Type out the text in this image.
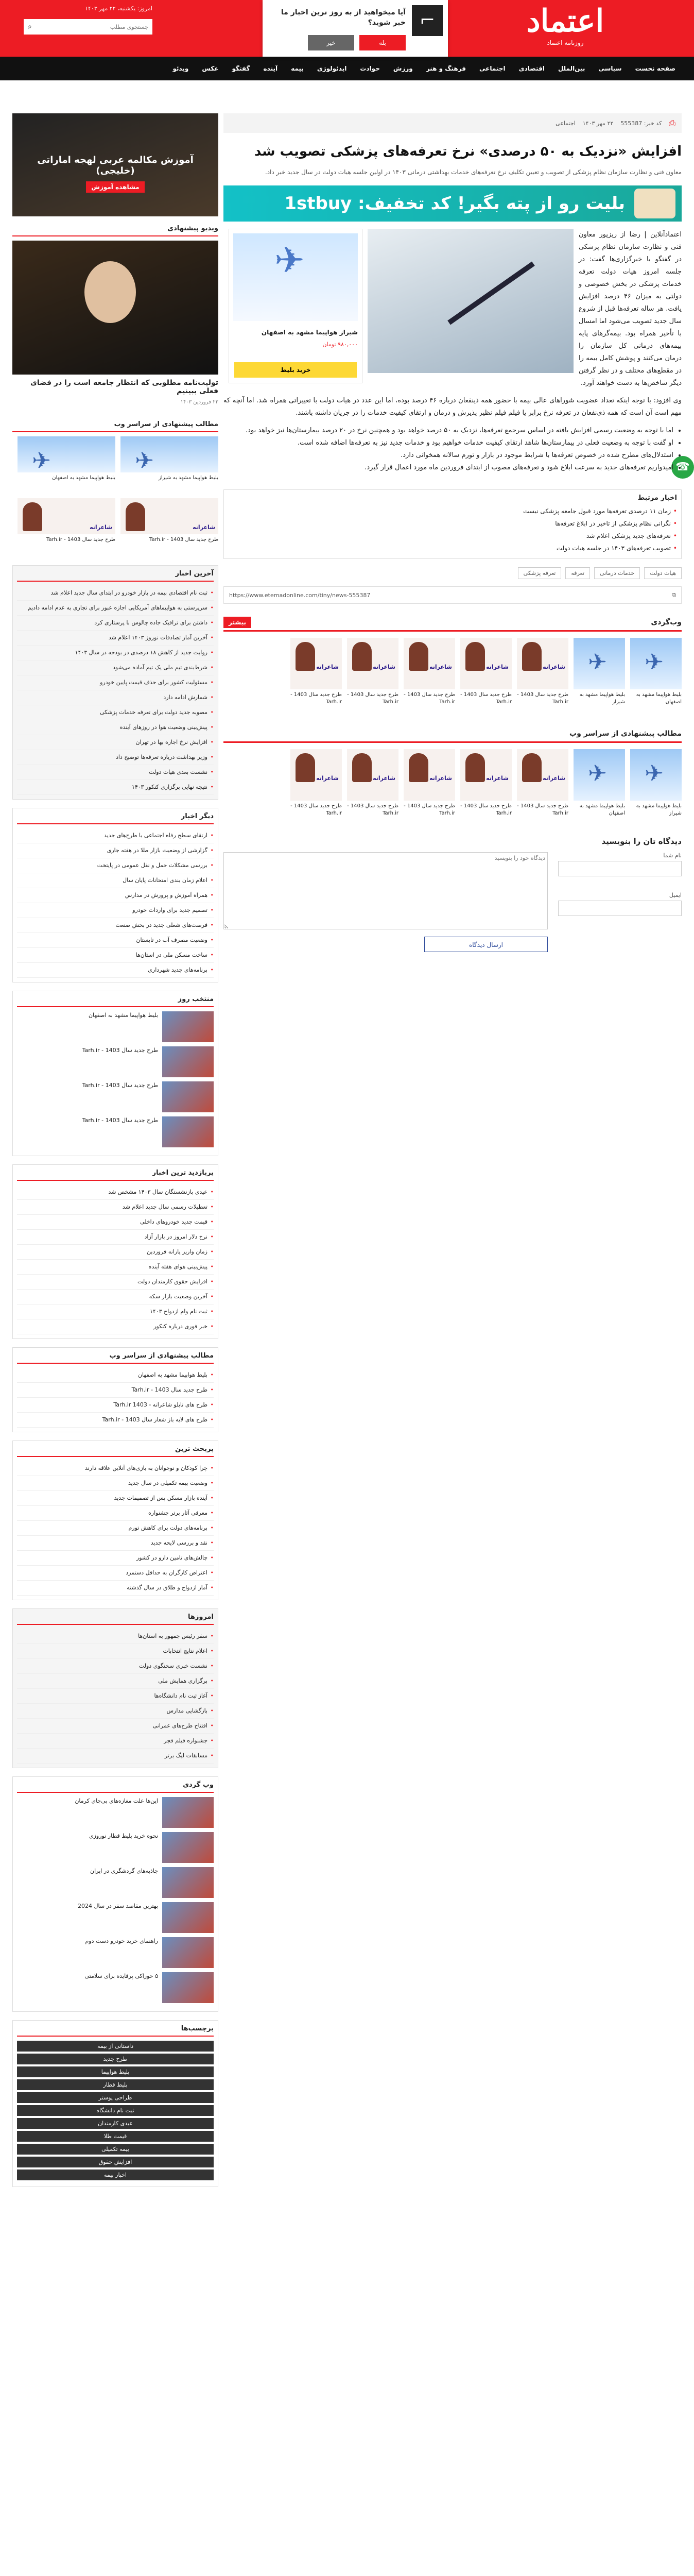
اعتماد
روزنامه اعتماد
امروز: یکشنبه، ۲۲ مهر ۱۴۰۳
جستجوی مطلب
⌕	⌐
آیا میخواهید از به روز ترین اخبار ما خبر شوید؟
بله
خیر
صفحه نخست
سیاسی
بین‌الملل
اقتصادی
اجتماعی
فرهنگ و هنر
ورزش
حوادث
ایدئولوژی
بیمه
آینده
گفتگو
عکس
ویدئو
☎
⎙
کد خبر: 555387
۲۲ مهر ۱۴۰۳
اجتماعی
افزایش «نزدیک به ۵۰ درصدی» نرخ تعرفه‌های پزشکی تصویب شد
معاون فنی و نظارت سازمان نظام پزشکی از تصویب و تعیین تکلیف نرخ تعرفه‌های خدمات بهداشتی درمانی ۱۴۰۳ در اولین جلسه هیات دولت در سال جدید خبر داد.
بلیت رو از پته بگیر! کد تخفیف: 1stbuy
✈
شیراز هواپیما مشهد به اصفهان
۹۸۰,۰۰۰ تومان
خرید بلیط

اعتمادآنلاین | رضا از ریزپور معاون فنی و نظارت سازمان نظام پزشکی در گفتگو با خبرگزاری‌ها گفت: در جلسه امروز هیات دولت تعرفه خدمات پزشکی در بخش خصوصی و دولتی به میزان ۴۶ درصد افزایش یافت. هر ساله تعرفه‌ها قبل از شروع سال جدید تصویب می‌شود اما امسال با تأخیر همراه بود. بیمه‌گرهای پایه بیمه‌های درمانی کل سازمان را درمان می‌کنند و پوشش کامل بیمه را در مقطع‌های مختلف و در نظر گرفتن دیگر شاخص‌ها به دست خواهند آورد.

وی افزود: با توجه اینکه تعداد عضویت شوراهای عالی بیمه با حضور همه ذینفعان درباره ۴۶ درصد بوده، اما این عدد در هیات دولت با تغییراتی همراه شد. اما آنچه که مهم است آن است که همه ذی‌نفعان در تعرفه نرخ برابر یا فیلم فیلم نظیر پذیرش و درمان و ارتقای کیفیت خدمات را در جریان داشته باشند.

• اما با توجه به وضعیت رسمی افزایش یافته در اساس سرجمع تعرفه‌ها، نزدیک به ۵۰ درصد خواهد بود و همچنین نرخ در ۲۰ درصد بیمارستان‌ها نیز خواهد بود.
• او گفت با توجه به وضعیت فعلی در بیمارستان‌ها شاهد ارتقای کیفیت خدمات خواهیم بود و خدمات جدید نیز به تعرفه‌ها اضافه شده است.
• استدلال‌های مطرح شده در خصوص تعرفه‌ها با شرایط موجود در بازار و تورم سالانه همخوانی دارد.
• امیدواریم تعرفه‌های جدید به سرعت ابلاغ شود و تعرفه‌های مصوب از ابتدای فروردین ماه مورد اعمال قرار گیرد.
اخبار مرتبط
• زمان ۱۱ درصدی تعرفه‌ها مورد قبول جامعه پزشکی نیست
• نگرانی نظام پزشکی از تاخیر در ابلاغ تعرفه‌ها
• تعرفه‌های جدید پزشکی اعلام شد
• تصویب تعرفه‌های ۱۴۰۳ در جلسه هیات دولت
هیات دولت
خدمات درمانی
تعرفه
تعرفه پزشکی
⧉
https://www.etemadonline.com/tiny/news-555387
وب‌گردی
بیشتر
✈
بلیط هواپیما مشهد به اصفهان
✈
بلیط هواپیما مشهد به شیراز
شاعرانه
طرح جدید سال 1403 - Tarh.ir
شاعرانه
طرح جدید سال 1403 - Tarh.ir
شاعرانه
طرح جدید سال 1403 - Tarh.ir
شاعرانه
طرح جدید سال 1403 - Tarh.ir
شاعرانه
طرح جدید سال 1403 - Tarh.ir
مطالب پیشنهادی از سراسر وب
✈
بلیط هواپیما مشهد به شیراز
✈
بلیط هواپیما مشهد به اصفهان
شاعرانه
طرح جدید سال 1403 - Tarh.ir
شاعرانه
طرح جدید سال 1403 - Tarh.ir
شاعرانه
طرح جدید سال 1403 - Tarh.ir
شاعرانه
طرح جدید سال 1403 - Tarh.ir
شاعرانه
طرح جدید سال 1403 - Tarh.ir
دیدگاه تان را بنویسید
نام شما
ایمیل
دیدگاه خود را بنویسید ارسال دیدگاه
آموزش مکالمه عربی لهجه اماراتی (خلیجی)
مشاهده آموزش
ویدیو پیشنهادی
تولیت‌نامه مطلوبی که انتظار جامعه است را در فضای فعلی ببینیم
۲۲ فروردین ۱۴۰۳
مطالب پیشنهادی از سراسر وب
✈
بلیط هواپیما مشهد به شیراز
✈
بلیط هواپیما مشهد به اصفهان
شاعرانه
طرح جدید سال 1403 - Tarh.ir
شاعرانه
طرح جدید سال 1403 - Tarh.ir
آخرین اخبار
• ثبت نام اقتصادی بیمه در بازار خودرو در ابتدای سال جدید اعلام شد
• سرپرستی به هواپیماهای آمریکایی اجازه عبور برای تجاری به عدم ادامه دادیم
• داشتن برای ترافیک جاده چالوس با پرستاری کرد
• آخرین آمار تصادفات نوروز ۱۴۰۳ اعلام شد
• روایت جدید از کاهش ۱۸ درصدی در بودجه در سال ۱۴۰۳
• شرط‌بندی تیم ملی یک تیم آماده می‌شود
• مسئولیت کشور برای حذف قیمت پایین خودرو
• شمارش ادامه دارد
• مصوبه جدید دولت برای تعرفه خدمات پزشکی
• پیش‌بینی وضعیت هوا در روزهای آینده
• افزایش نرخ اجاره بها در تهران
• وزیر بهداشت درباره تعرفه‌ها توضیح داد
• نشست بعدی هیات دولت
• نتیجه نهایی برگزاری کنکور ۱۴۰۳
دیگر اخبار
• ارتقای سطح رفاه اجتماعی با طرح‌های جدید
• گزارشی از وضعیت بازار طلا در هفته جاری
• بررسی مشکلات حمل و نقل عمومی در پایتخت
• اعلام زمان بندی امتحانات پایان سال
• همراه آموزش و پرورش در مدارس
• تصمیم جدید برای واردات خودرو
• فرصت‌های شغلی جدید در بخش صنعت
• وضعیت مصرف آب در تابستان
• ساخت مسکن ملی در استان‌ها
• برنامه‌های جدید شهرداری
منتخب روز
بلیط هواپیما مشهد به اصفهان
طرح جدید سال 1403 - Tarh.ir
طرح جدید سال 1403 - Tarh.ir
طرح جدید سال 1403 - Tarh.ir
پربازدید ترین اخبار
• عیدی بازنشستگان سال ۱۴۰۳ مشخص شد
• تعطیلات رسمی سال جدید اعلام شد
• قیمت جدید خودروهای داخلی
• نرخ دلار امروز در بازار آزاد
• زمان واریز یارانه فروردین
• پیش‌بینی هوای هفته آینده
• افزایش حقوق کارمندان دولت
• آخرین وضعیت بازار سکه
• ثبت نام وام ازدواج ۱۴۰۳
• خبر فوری درباره کنکور
مطالب پیشنهادی از سراسر وب
• بلیط هواپیما مشهد به اصفهان
• طرح جدید سال 1403 - Tarh.ir
• طرح های تابلو شاعرانه - 1403 Tarh.ir
• طرح های لایه باز شعار سال 1403 - Tarh.ir
پربحث ترین
• چرا کودکان و نوجوانان به بازی‌های آنلاین علاقه دارند
• وضعیت بیمه تکمیلی در سال جدید
• آینده بازار مسکن پس از تصمیمات جدید
• معرفی آثار برتر جشنواره
• برنامه‌های دولت برای کاهش تورم
• نقد و بررسی لایحه جدید
• چالش‌های تامین دارو در کشور
• اعتراض کارگران به حداقل دستمزد
• آمار ازدواج و طلاق در سال گذشته
امروزها
• سفر رئیس جمهور به استان‌ها
• اعلام نتایج انتخابات
• نشست خبری سخنگوی دولت
• برگزاری همایش ملی
• آغاز ثبت نام دانشگاه‌ها
• بازگشایی مدارس
• افتتاح طرح‌های عمرانی
• جشنواره فیلم فجر
• مسابقات لیگ برتر
وب گردی
این‌ها علت مغازه‌های بی‌جای کرمان
نحوه خرید بلیط قطار نوروزی
جاذبه‌های گردشگری در ایران
بهترین مقاصد سفر در سال 2024
راهنمای خرید خودرو دست دوم
۵ خوراکی پرفایده برای سلامتی
برچسب‌ها
داستانی از بیمه
طرح جدید
بلیط هواپیما
بلیط قطار
طراحی پوستر
ثبت نام دانشگاه
عیدی کارمندان
قیمت طلا
بیمه تکمیلی
افزایش حقوق
اخبار بیمه
